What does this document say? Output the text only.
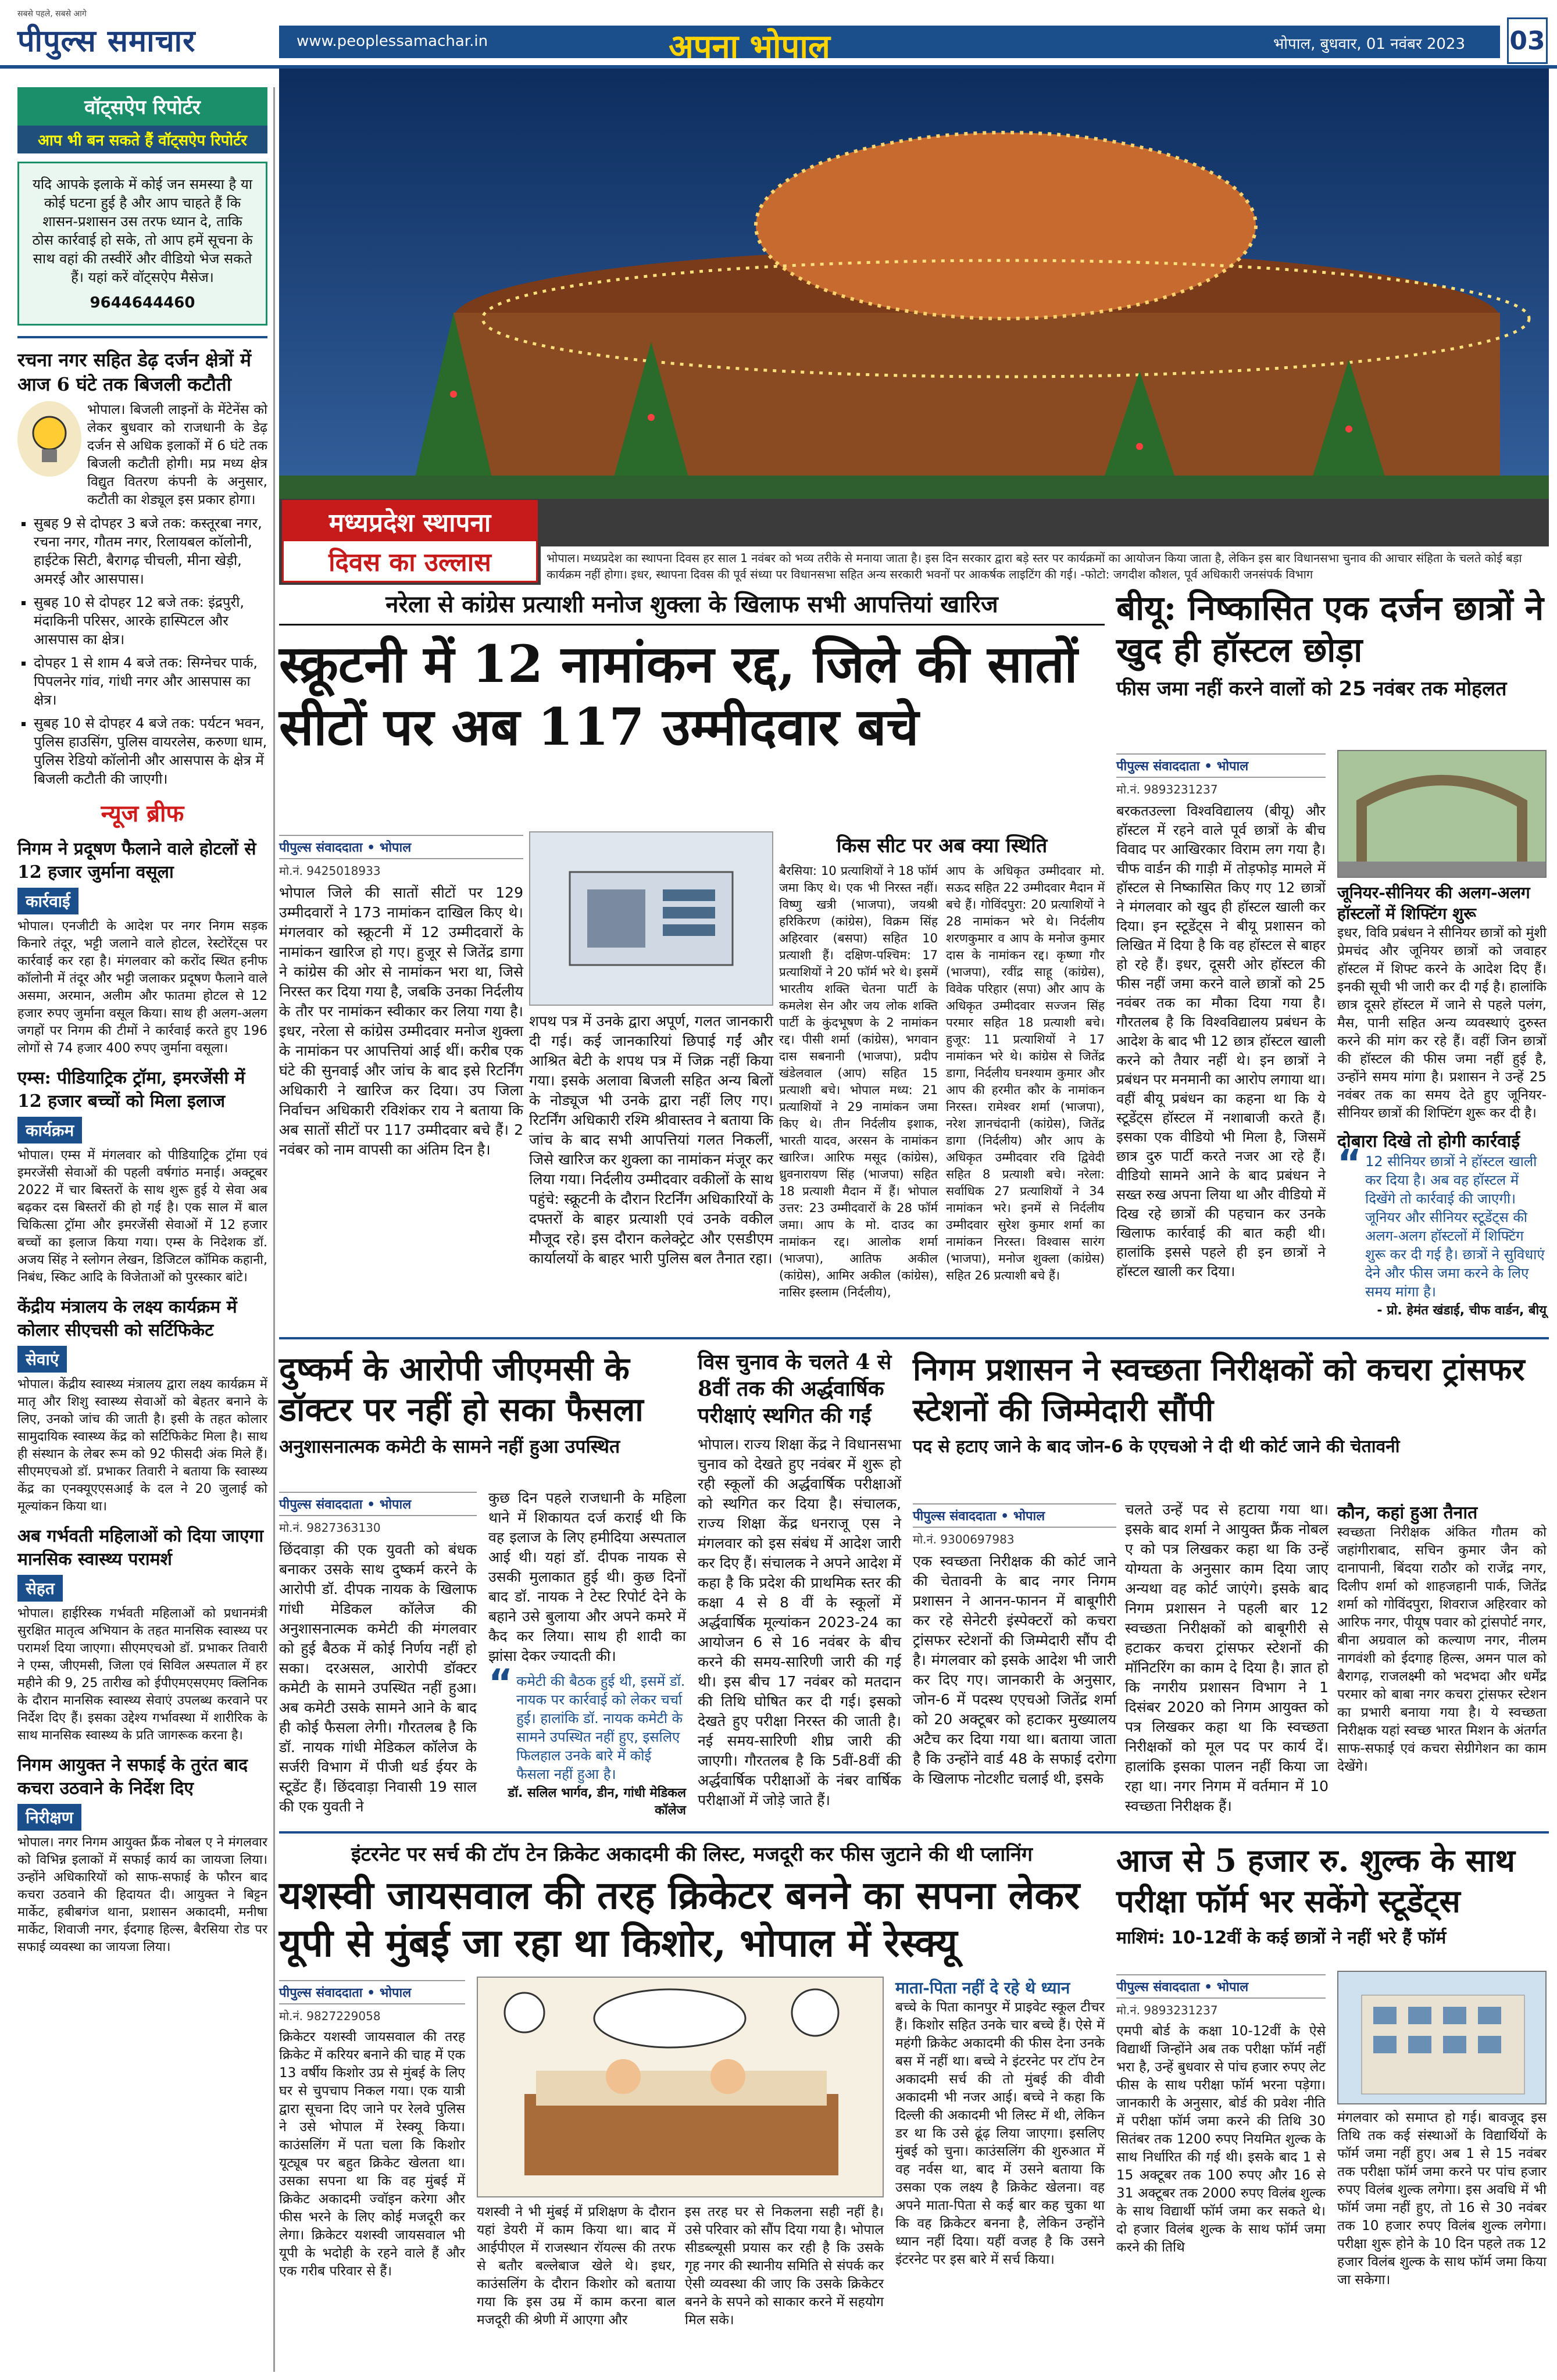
सबसे पहले, सबसे आगे
पीपुल्स समाचार	www.peoplessamachar.in	अपना भोपाल	भोपाल, बुधवार, 01 नवंबर 2023 03
वॉट्सऐप रिपोर्टर
आप भी बन सकते हैं वॉट्सऐप रिपोर्टर
यदि आपके इलाके में कोई जन समस्या है या कोई घटना हुई है और आप चाहते हैं कि शासन-प्रशासन उस तरफ ध्यान दे, ताकि ठोस कार्रवाई हो सके, तो आप हमें सूचना के साथ वहां की तस्वीरें और वीडियो भेज सकते हैं। यहां करें वॉट्सऐप मैसेज।
9644644460
रचना नगर सहित डेढ़ दर्जन क्षेत्रों में आज 6 घंटे तक बिजली कटौती
भोपाल। बिजली लाइनों के मेंटेनेंस को लेकर बुधवार को राजधानी के डेढ़ दर्जन से अधिक इलाकों में 6 घंटे तक बिजली कटौती होगी। मप्र मध्य क्षेत्र विद्युत वितरण कंपनी के अनुसार, कटौती का शेड्यूल इस प्रकार होगा।
▪ सुबह 9 से दोपहर 3 बजे तक: कस्तूरबा नगर, रचना नगर, गौतम नगर, रिलायबल कॉलोनी, हाईटेक सिटी, बैरागढ़ चीचली, मीना खेड़ी, अमरई और आसपास।
▪ सुबह 10 से दोपहर 12 बजे तक: इंद्रपुरी, मंदाकिनी परिसर, आरके हास्पिटल और आसपास का क्षेत्र।
▪ दोपहर 1 से शाम 4 बजे तक: सिग्नेचर पार्क, पिपलनेर गांव, गांधी नगर और आसपास का क्षेत्र।
▪ सुबह 10 से दोपहर 4 बजे तक: पर्यटन भवन, पुलिस हाउसिंग, पुलिस वायरलेस, करुणा धाम, पुलिस रेडियो कॉलोनी और आसपास के क्षेत्र में बिजली कटौती की जाएगी।
न्यूज ब्रीफ
निगम ने प्रदूषण फैलाने वाले होटलों से 12 हजार जुर्माना वसूला
कार्रवाई
भोपाल। एनजीटी के आदेश पर नगर निगम सड़क किनारे तंदूर, भट्टी जलाने वाले होटल, रेस्टोरेंट्स पर कार्रवाई कर रहा है। मंगलवार को करोंद स्थित हनीफ कॉलोनी में तंदूर और भट्टी जलाकर प्रदूषण फैलाने वाले असमा, अरमान, अलीम और फातमा होटल से 12 हजार रुपए जुर्माना वसूल किया। साथ ही अलग-अलग जगहों पर निगम की टीमों ने कार्रवाई करते हुए 196 लोगों से 74 हजार 400 रुपए जुर्माना वसूला।
एम्स: पीडियाट्रिक ट्रॉमा, इमरजेंसी में 12 हजार बच्चों को मिला इलाज
कार्यक्रम
भोपाल। एम्स में मंगलवार को पीडियाट्रिक ट्रॉमा एवं इमरजेंसी सेवाओं की पहली वर्षगांठ मनाई। अक्टूबर 2022 में चार बिस्तरों के साथ शुरू हुई ये सेवा अब बढ़कर दस बिस्तरों की हो गई है। एक साल में बाल चिकित्सा ट्रॉमा और इमरजेंसी सेवाओं में 12 हजार बच्चों का इलाज किया गया। एम्स के निदेशक डॉ. अजय सिंह ने स्लोगन लेखन, डिजिटल कॉमिक कहानी, निबंध, स्किट आदि के विजेताओं को पुरस्कार बांटे।
केंद्रीय मंत्रालय के लक्ष्य कार्यक्रम में कोलार सीएचसी को सर्टिफिकेट
सेवाएं
भोपाल। केंद्रीय स्वास्थ्य मंत्रालय द्वारा लक्ष्य कार्यक्रम में मातृ और शिशु स्वास्थ्य सेवाओं को बेहतर बनाने के लिए, उनको जांच की जाती है। इसी के तहत कोलार सामुदायिक स्वास्थ्य केंद्र को सर्टिफिकेट मिला है। साथ ही संस्थान के लेबर रूम को 92 फीसदी अंक मिले हैं। सीएमएचओ डॉ. प्रभाकर तिवारी ने बताया कि स्वास्थ्य केंद्र का एनक्यूएएसआई के दल ने 20 जुलाई को मूल्यांकन किया था।
अब गर्भवती महिलाओं को दिया जाएगा मानसिक स्वास्थ्य परामर्श
सेहत
भोपाल। हाईरिस्क गर्भवती महिलाओं को प्रधानमंत्री सुरक्षित मातृत्व अभियान के तहत मानसिक स्वास्थ्य पर परामर्श दिया जाएगा। सीएमएचओ डॉ. प्रभाकर तिवारी ने एम्स, जीएमसी, जिला एवं सिविल अस्पताल में हर महीने की 9, 25 तारीख को ईपीएमएसएमए क्लिनिक के दौरान मानसिक स्वास्थ्य सेवाएं उपलब्ध करवाने पर निर्देश दिए हैं। इसका उद्देश्य गर्भावस्था में शारीरिक के साथ मानसिक स्वास्थ्य के प्रति जागरूक करना है।
निगम आयुक्त ने सफाई के तुरंत बाद कचरा उठवाने के निर्देश दिए
निरीक्षण
भोपाल। नगर निगम आयुक्त फ्रैंक नोबल ए ने मंगलवार को विभिन्न इलाकों में सफाई कार्य का जायजा लिया। उन्होंने अधिकारियों को साफ-सफाई के फौरन बाद कचरा उठवाने की हिदायत दी। आयुक्त ने बिट्टन मार्केट, हबीबगंज थाना, प्रशासन अकादमी, मनीषा मार्केट, शिवाजी नगर, ईदगाह हिल्स, बैरसिया रोड पर सफाई व्यवस्था का जायजा लिया।
मध्यप्रदेश स्थापना
दिवस का उल्लास	भोपाल। मध्यप्रदेश का स्थापना दिवस हर साल 1 नवंबर को भव्य तरीके से मनाया जाता है। इस दिन सरकार द्वारा बड़े स्तर पर कार्यक्रमों का आयोजन किया जाता है, लेकिन इस बार विधानसभा चुनाव की आचार संहिता के चलते कोई बड़ा कार्यक्रम नहीं होगा। इधर, स्थापना दिवस की पूर्व संध्या पर विधानसभा सहित अन्य सरकारी भवनों पर आकर्षक लाइटिंग की गई। -फोटो: जगदीश कौशल, पूर्व अधिकारी जनसंपर्क विभाग
नरेला से कांग्रेस प्रत्याशी मनोज शुक्ला के खिलाफ सभी आपत्तियां खारिज
स्क्रूटनी में 12 नामांकन रद्द, जिले की सातों सीटों पर अब 117 उम्मीदवार बचे
पीपुल्स संवाददाता • भोपाल
मो.नं. 9425018933
भोपाल जिले की सातों सीटों पर 129 उम्मीदवारों ने 173 नामांकन दाखिल किए थे। मंगलवार को स्क्रूटनी में 12 उम्मीदवारों के नामांकन खारिज हो गए। हुजूर से जितेंद्र डागा ने कांग्रेस की ओर से नामांकन भरा था, जिसे निरस्त कर दिया गया है, जबकि उनका निर्दलीय के तौर पर नामांकन स्वीकार कर लिया गया है। इधर, नरेला से कांग्रेस उम्मीदवार मनोज शुक्ला के नामांकन पर आपत्तियां आई थीं। करीब एक घंटे की सुनवाई और जांच के बाद इसे रिटर्निंग अधिकारी ने खारिज कर दिया। उप जिला निर्वाचन अधिकारी रविशंकर राय ने बताया कि अब सातों सीटों पर 117 उम्मीदवार बचे हैं। 2 नवंबर को नाम वापसी का अंतिम दिन है।
शपथ पत्र में उनके द्वारा अपूर्ण, गलत जानकारी दी गई। कई जानकारियां छिपाई गईं और आश्रित बेटी के शपथ पत्र में जिक्र नहीं किया गया। इसके अलावा बिजली सहित अन्य बिलों के नोड्यूज भी उनके द्वारा नहीं लिए गए। रिटर्निंग अधिकारी रश्मि श्रीवास्तव ने बताया कि जांच के बाद सभी आपत्तियां गलत निकलीं, जिसे खारिज कर शुक्ला का नामांकन मंजूर कर लिया गया। निर्दलीय उम्मीदवार वकीलों के साथ पहुंचे: स्क्रूटनी के दौरान रिटर्निंग अधिकारियों के दफ्तरों के बाहर प्रत्याशी एवं उनके वकील मौजूद रहे। इस दौरान कलेक्ट्रेट और एसडीएम कार्यालयों के बाहर भारी पुलिस बल तैनात रहा।
किस सीट पर अब क्या स्थिति
बैरसिया: 10 प्रत्याशियों ने 18 फॉर्म जमा किए थे। एक भी निरस्त नहीं। विष्णु खत्री (भाजपा), जयश्री हरिकिरण (कांग्रेस), विक्रम सिंह अहिरवार (बसपा) सहित 10 प्रत्याशी हैं। दक्षिण-पश्चिम: 17 प्रत्याशियों ने 20 फॉर्म भरे थे। इसमें भारतीय शक्ति चेतना पार्टी के कमलेश सेन और जय लोक शक्ति पार्टी के कुंदभूषण के 2 नामांकन रद्द। पीसी शर्मा (कांग्रेस), भगवान दास सबनानी (भाजपा), प्रदीप खंडेलवाल (आप) सहित 15 प्रत्याशी बचे। भोपाल मध्य: 21 प्रत्याशियों ने 29 नामांकन जमा किए थे। तीन निर्दलीय इशाक, भारती यादव, अरसन के नामांकन खारिज। आरिफ मसूद (कांग्रेस), ध्रुवनारायण सिंह (भाजपा) सहित 18 प्रत्याशी मैदान में हैं। भोपाल उत्तर: 23 उम्मीदवारों के 28 फॉर्म जमा। आप के मो. दाउद का नामांकन रद्द। आलोक शर्मा (भाजपा), आतिफ अकील (कांग्रेस), आमिर अकील (कांग्रेस), नासिर इस्लाम (निर्दलीय),
आप के अधिकृत उम्मीदवार मो. सऊद सहित 22 उम्मीदवार मैदान में बचे हैं। गोविंदपुरा: 20 प्रत्याशियों ने 28 नामांकन भरे थे। निर्दलीय शरणकुमार व आप के मनोज कुमार दास के नामांकन रद्द। कृष्णा गौर (भाजपा), रवींद्र साहू (कांग्रेस), विवेक परिहार (सपा) और आप के अधिकृत उम्मीदवार सज्जन सिंह परमार सहित 18 प्रत्याशी बचे। हुजूर: 11 प्रत्याशियों ने 17 नामांकन भरे थे। कांग्रेस से जितेंद्र डागा, निर्दलीय घनश्याम कुमार और आप की हरमीत कौर के नामांकन निरस्त। रामेश्वर शर्मा (भाजपा), नरेश ज्ञानचंदानी (कांग्रेस), जितेंद्र डागा (निर्दलीय) और आप के अधिकृत उम्मीदवार रवि द्विवेदी सहित 8 प्रत्याशी बचे। नरेला: सर्वाधिक 27 प्रत्याशियों ने 34 नामांकन भरे। इनमें से निर्दलीय उम्मीदवार सुरेश कुमार शर्मा का नामांकन निरस्त। विश्वास सारंग (भाजपा), मनोज शुक्ला (कांग्रेस) सहित 26 प्रत्याशी बचे हैं।
बीयू: निष्कासित एक दर्जन छात्रों ने खुद ही हॉस्टल छोड़ा
फीस जमा नहीं करने वालों को 25 नवंबर तक मोहलत
पीपुल्स संवाददाता • भोपाल
मो.नं. 9893231237
बरकतउल्ला विश्वविद्यालय (बीयू) और हॉस्टल में रहने वाले पूर्व छात्रों के बीच विवाद पर आखिरकार विराम लग गया है। चीफ वार्डन की गाड़ी में तोड़फोड़ मामले में हॉस्टल से निष्कासित किए गए 12 छात्रों ने मंगलवार को खुद ही हॉस्टल खाली कर दिया। इन स्टूडेंट्स ने बीयू प्रशासन को लिखित में दिया है कि वह हॉस्टल से बाहर हो रहे हैं। इधर, दूसरी ओर हॉस्टल की फीस नहीं जमा करने वाले छात्रों को 25 नवंबर तक का मौका दिया गया है। गौरतलब है कि विश्वविद्यालय प्रबंधन के आदेश के बाद भी 12 छात्र हॉस्टल खाली करने को तैयार नहीं थे। इन छात्रों ने प्रबंधन पर मनमानी का आरोप लगाया था। वहीं बीयू प्रबंधन का कहना था कि ये स्टूडेंट्स हॉस्टल में नशाबाजी करते हैं। इसका एक वीडियो भी मिला है, जिसमें छात्र दुरु पार्टी करते नजर आ रहे हैं। वीडियो सामने आने के बाद प्रबंधन ने सख्त रुख अपना लिया था और वीडियो में दिख रहे छात्रों की पहचान कर उनके खिलाफ कार्रवाई की बात कही थी। हालांकि इससे पहले ही इन छात्रों ने हॉस्टल खाली कर दिया।
जूनियर-सीनियर की अलग-अलग हॉस्टलों में शिफ्टिंग शुरू
इधर, विवि प्रबंधन ने सीनियर छात्रों को मुंशी प्रेमचंद और जूनियर छात्रों को जवाहर हॉस्टल में शिफ्ट करने के आदेश दिए हैं। इनकी सूची भी जारी कर दी गई है। हालांकि छात्र दूसरे हॉस्टल में जाने से पहले पलंग, मैस, पानी सहित अन्य व्यवस्थाएं दुरुस्त करने की मांग कर रहे हैं। वहीं जिन छात्रों की हॉस्टल की फीस जमा नहीं हुई है, उन्होंने समय मांगा है। प्रशासन ने उन्हें 25 नवंबर तक का समय देते हुए जूनियर-सीनियर छात्रों की शिफ्टिंग शुरू कर दी है।
दोबारा दिखे तो होगी कार्रवाई
“ 12 सीनियर छात्रों ने हॉस्टल खाली कर दिया है। अब वह हॉस्टल में दिखेंगे तो कार्रवाई की जाएगी। जूनियर और सीनियर स्टूडेंट्स की अलग-अलग हॉस्टलों में शिफ्टिंग शुरू कर दी गई है। छात्रों ने सुविधाएं देने और फीस जमा करने के लिए समय मांगा है।
- प्रो. हेमंत खंडाई, चीफ वार्डन, बीयू
दुष्कर्म के आरोपी जीएमसी के डॉक्टर पर नहीं हो सका फैसला
अनुशासनात्मक कमेटी के सामने नहीं हुआ उपस्थित
पीपुल्स संवाददाता • भोपाल
मो.नं. 9827363130
छिंदवाड़ा की एक युवती को बंधक बनाकर उसके साथ दुष्कर्म करने के आरोपी डॉ. दीपक नायक के खिलाफ गांधी मेडिकल कॉलेज की अनुशासनात्मक कमेटी की मंगलवार को हुई बैठक में कोई निर्णय नहीं हो सका। दरअसल, आरोपी डॉक्टर कमेटी के सामने उपस्थित नहीं हुआ। अब कमेटी उसके सामने आने के बाद ही कोई फैसला लेगी। गौरतलब है कि डॉ. नायक गांधी मेडिकल कॉलेज के सर्जरी विभाग में पीजी थर्ड ईयर के स्टूडेंट हैं। छिंदवाड़ा निवासी 19 साल की एक युवती ने
कुछ दिन पहले राजधानी के महिला थाने में शिकायत दर्ज कराई थी कि वह इलाज के लिए हमीदिया अस्पताल आई थी। यहां डॉ. दीपक नायक से उसकी मुलाकात हुई थी। कुछ दिनों बाद डॉ. नायक ने टेस्ट रिपोर्ट देने के बहाने उसे बुलाया और अपने कमरे में कैद कर लिया। साथ ही शादी का झांसा देकर ज्यादती की।
“ कमेटी की बैठक हुई थी, इसमें डॉ. नायक पर कार्रवाई को लेकर चर्चा हुई। हालांकि डॉ. नायक कमेटी के सामने उपस्थित नहीं हुए, इसलिए फिलहाल उनके बारे में कोई फैसला नहीं हुआ है।
डॉ. सलिल भार्गव, डीन, गांधी मेडिकल कॉलेज
विस चुनाव के चलते 4 से 8वीं तक की अर्द्धवार्षिक परीक्षाएं स्थगित की गईं
भोपाल। राज्य शिक्षा केंद्र ने विधानसभा चुनाव को देखते हुए नवंबर में शुरू हो रही स्कूलों की अर्द्धवार्षिक परीक्षाओं को स्थगित कर दिया है। संचालक, राज्य शिक्षा केंद्र धनराजू एस ने मंगलवार को इस संबंध में आदेश जारी कर दिए हैं। संचालक ने अपने आदेश में कहा है कि प्रदेश की प्राथमिक स्तर की कक्षा 4 से 8 वीं के स्कूलों में अर्द्धवार्षिक मूल्यांकन 2023-24 का आयोजन 6 से 16 नवंबर के बीच करने की समय-सारिणी जारी की गई थी। इस बीच 17 नवंबर को मतदान की तिथि घोषित कर दी गई। इसको देखते हुए परीक्षा निरस्त की जाती है। नई समय-सारिणी शीघ्र जारी की जाएगी। गौरतलब है कि 5वीं-8वीं की अर्द्धवार्षिक परीक्षाओं के नंबर वार्षिक परीक्षाओं में जोड़े जाते हैं।
निगम प्रशासन ने स्वच्छता निरीक्षकों को कचरा ट्रांसफर स्टेशनों की जिम्मेदारी सौंपी
पद से हटाए जाने के बाद जोन-6 के एएचओ ने दी थी कोर्ट जाने की चेतावनी
पीपुल्स संवाददाता • भोपाल
मो.नं. 9300697983
एक स्वच्छता निरीक्षक की कोर्ट जाने की चेतावनी के बाद नगर निगम प्रशासन ने आनन-फानन में बाबूगीरी कर रहे सेनेटरी इंस्पेक्टरों को कचरा ट्रांसफर स्टेशनों की जिम्मेदारी सौंप दी है। मंगलवार को इसके आदेश भी जारी कर दिए गए। जानकारी के अनुसार, जोन-6 में पदस्थ एएचओ जितेंद्र शर्मा को 20 अक्टूबर को हटाकर मुख्यालय अटैच कर दिया गया था। बताया जाता है कि उन्होंने वार्ड 48 के सफाई दरोगा के खिलाफ नोटशीट चलाई थी, इसके
चलते उन्हें पद से हटाया गया था। इसके बाद शर्मा ने आयुक्त फ्रैंक नोबल ए को पत्र लिखकर कहा था कि उन्हें योग्यता के अनुसार काम दिया जाए अन्यथा वह कोर्ट जाएंगे। इसके बाद निगम प्रशासन ने पहली बार 12 स्वच्छता निरीक्षकों को बाबूगीरी से हटाकर कचरा ट्रांसफर स्टेशनों की मॉनिटरिंग का काम दे दिया है। ज्ञात हो कि नगरीय प्रशासन विभाग ने 1 दिसंबर 2020 को निगम आयुक्त को पत्र लिखकर कहा था कि स्वच्छता निरीक्षकों को मूल पद पर कार्य दें। हालांकि इसका पालन नहीं किया जा रहा था। नगर निगम में वर्तमान में 10 स्वच्छता निरीक्षक हैं।
कौन, कहां हुआ तैनात
स्वच्छता निरीक्षक अंकित गौतम को जहांगीराबाद, सचिन कुमार जैन को दानापानी, बिंदया राठौर को राजेंद्र नगर, दिलीप शर्मा को शाहजहानी पार्क, जितेंद्र शर्मा को गोविंदपुरा, शिवराज अहिरवार को आरिफ नगर, पीयूष पवार को ट्रांसपोर्ट नगर, बीना अग्रवाल को कल्याण नगर, नीलम नागवंशी को ईदगाह हिल्स, अमन पाल को बैरागढ़, राजलक्ष्मी को भदभदा और धर्मेंद्र परमार को बाबा नगर कचरा ट्रांसफर स्टेशन का प्रभारी बनाया गया है। ये स्वच्छता निरीक्षक यहां स्वच्छ भारत मिशन के अंतर्गत साफ-सफाई एवं कचरा सेग्रीगेशन का काम देखेंगे।
इंटरनेट पर सर्च की टॉप टेन क्रिकेट अकादमी की लिस्ट, मजदूरी कर फीस जुटाने की थी प्लानिंग
यशस्वी जायसवाल की तरह क्रिकेटर बनने का सपना लेकर यूपी से मुंबई जा रहा था किशोर, भोपाल में रेस्क्यू
पीपुल्स संवाददाता • भोपाल
मो.नं. 9827229058
क्रिकेटर यशस्वी जायसवाल की तरह क्रिकेट में करियर बनाने की चाह में एक 13 वर्षीय किशोर उप्र से मुंबई के लिए घर से चुपचाप निकल गया। एक यात्री द्वारा सूचना दिए जाने पर रेलवे पुलिस ने उसे भोपाल में रेस्क्यू किया। काउंसलिंग में पता चला कि किशोर यूट्यूब पर बहुत क्रिकेट खेलता था। उसका सपना था कि वह मुंबई में क्रिकेट अकादमी ज्वॉइन करेगा और फीस भरने के लिए कोई मजदूरी कर लेगा। क्रिकेटर यशस्वी जायसवाल भी यूपी के भदोही के रहने वाले हैं और एक गरीब परिवार से हैं।
यशस्वी ने भी मुंबई में प्रशिक्षण के दौरान यहां डेयरी में काम किया था। बाद में आईपीएल में राजस्थान रॉयल्स की तरफ से बतौर बल्लेबाज खेले थे। इधर, काउंसलिंग के दौरान किशोर को बताया गया कि इस उम्र में काम करना बाल मजदूरी की श्रेणी में आएगा और
इस तरह घर से निकलना सही नहीं है। उसे परिवार को सौंप दिया गया है। भोपाल सीडब्ल्यूसी प्रयास कर रही है कि उसके गृह नगर की स्थानीय समिति से संपर्क कर ऐसी व्यवस्था की जाए कि उसके क्रिकेटर बनने के सपने को साकार करने में सहयोग मिल सके।
माता-पिता नहीं दे रहे थे ध्यान
बच्चे के पिता कानपुर में प्राइवेट स्कूल टीचर हैं। किशोर सहित उनके चार बच्चे हैं। ऐसे में महंगी क्रिकेट अकादमी की फीस देना उनके बस में नहीं था। बच्चे ने इंटरनेट पर टॉप टेन अकादमी सर्च की तो मुंबई की वीवी अकादमी भी नजर आई। बच्चे ने कहा कि दिल्ली की अकादमी भी लिस्ट में थी, लेकिन डर था कि उसे ढूंढ़ लिया जाएगा। इसलिए मुंबई को चुना। काउंसलिंग की शुरुआत में वह नर्वस था, बाद में उसने बताया कि उसका एक लक्ष्य है क्रिकेट खेलना। वह अपने माता-पिता से कई बार कह चुका था कि वह क्रिकेटर बनना है, लेकिन उन्होंने ध्यान नहीं दिया। यहीं वजह है कि उसने इंटरनेट पर इस बारे में सर्च किया।
आज से 5 हजार रु. शुल्क के साथ परीक्षा फॉर्म भर सकेंगे स्टूडेंट्स
माशिमं: 10-12वीं के कई छात्रों ने नहीं भरे हैं फॉर्म
पीपुल्स संवाददाता • भोपाल
मो.नं. 9893231237
एमपी बोर्ड के कक्षा 10-12वीं के ऐसे विद्यार्थी जिन्होंने अब तक परीक्षा फॉर्म नहीं भरा है, उन्हें बुधवार से पांच हजार रुपए लेट फीस के साथ परीक्षा फॉर्म भरना पड़ेगा। जानकारी के अनुसार, बोर्ड की प्रवेश नीति में परीक्षा फॉर्म जमा करने की तिथि 30 सितंबर तक 1200 रुपए नियमित शुल्क के साथ निर्धारित की गई थी। इसके बाद 1 से 15 अक्टूबर तक 100 रुपए और 16 से 31 अक्टूबर तक 2000 रुपए विलंब शुल्क के साथ विद्यार्थी फॉर्म जमा कर सकते थे। दो हजार विलंब शुल्क के साथ फॉर्म जमा करने की तिथि
मंगलवार को समाप्त हो गई। बावजूद इस तिथि तक कई संस्थाओं के विद्यार्थियों के फॉर्म जमा नहीं हुए। अब 1 से 15 नवंबर तक परीक्षा फॉर्म जमा करने पर पांच हजार रुपए विलंब शुल्क लगेगा। इस अवधि में भी फॉर्म जमा नहीं हुए, तो 16 से 30 नवंबर तक 10 हजार रुपए विलंब शुल्क लगेगा। परीक्षा शुरू होने के 10 दिन पहले तक 12 हजार विलंब शुल्क के साथ फॉर्म जमा किया जा सकेगा।
